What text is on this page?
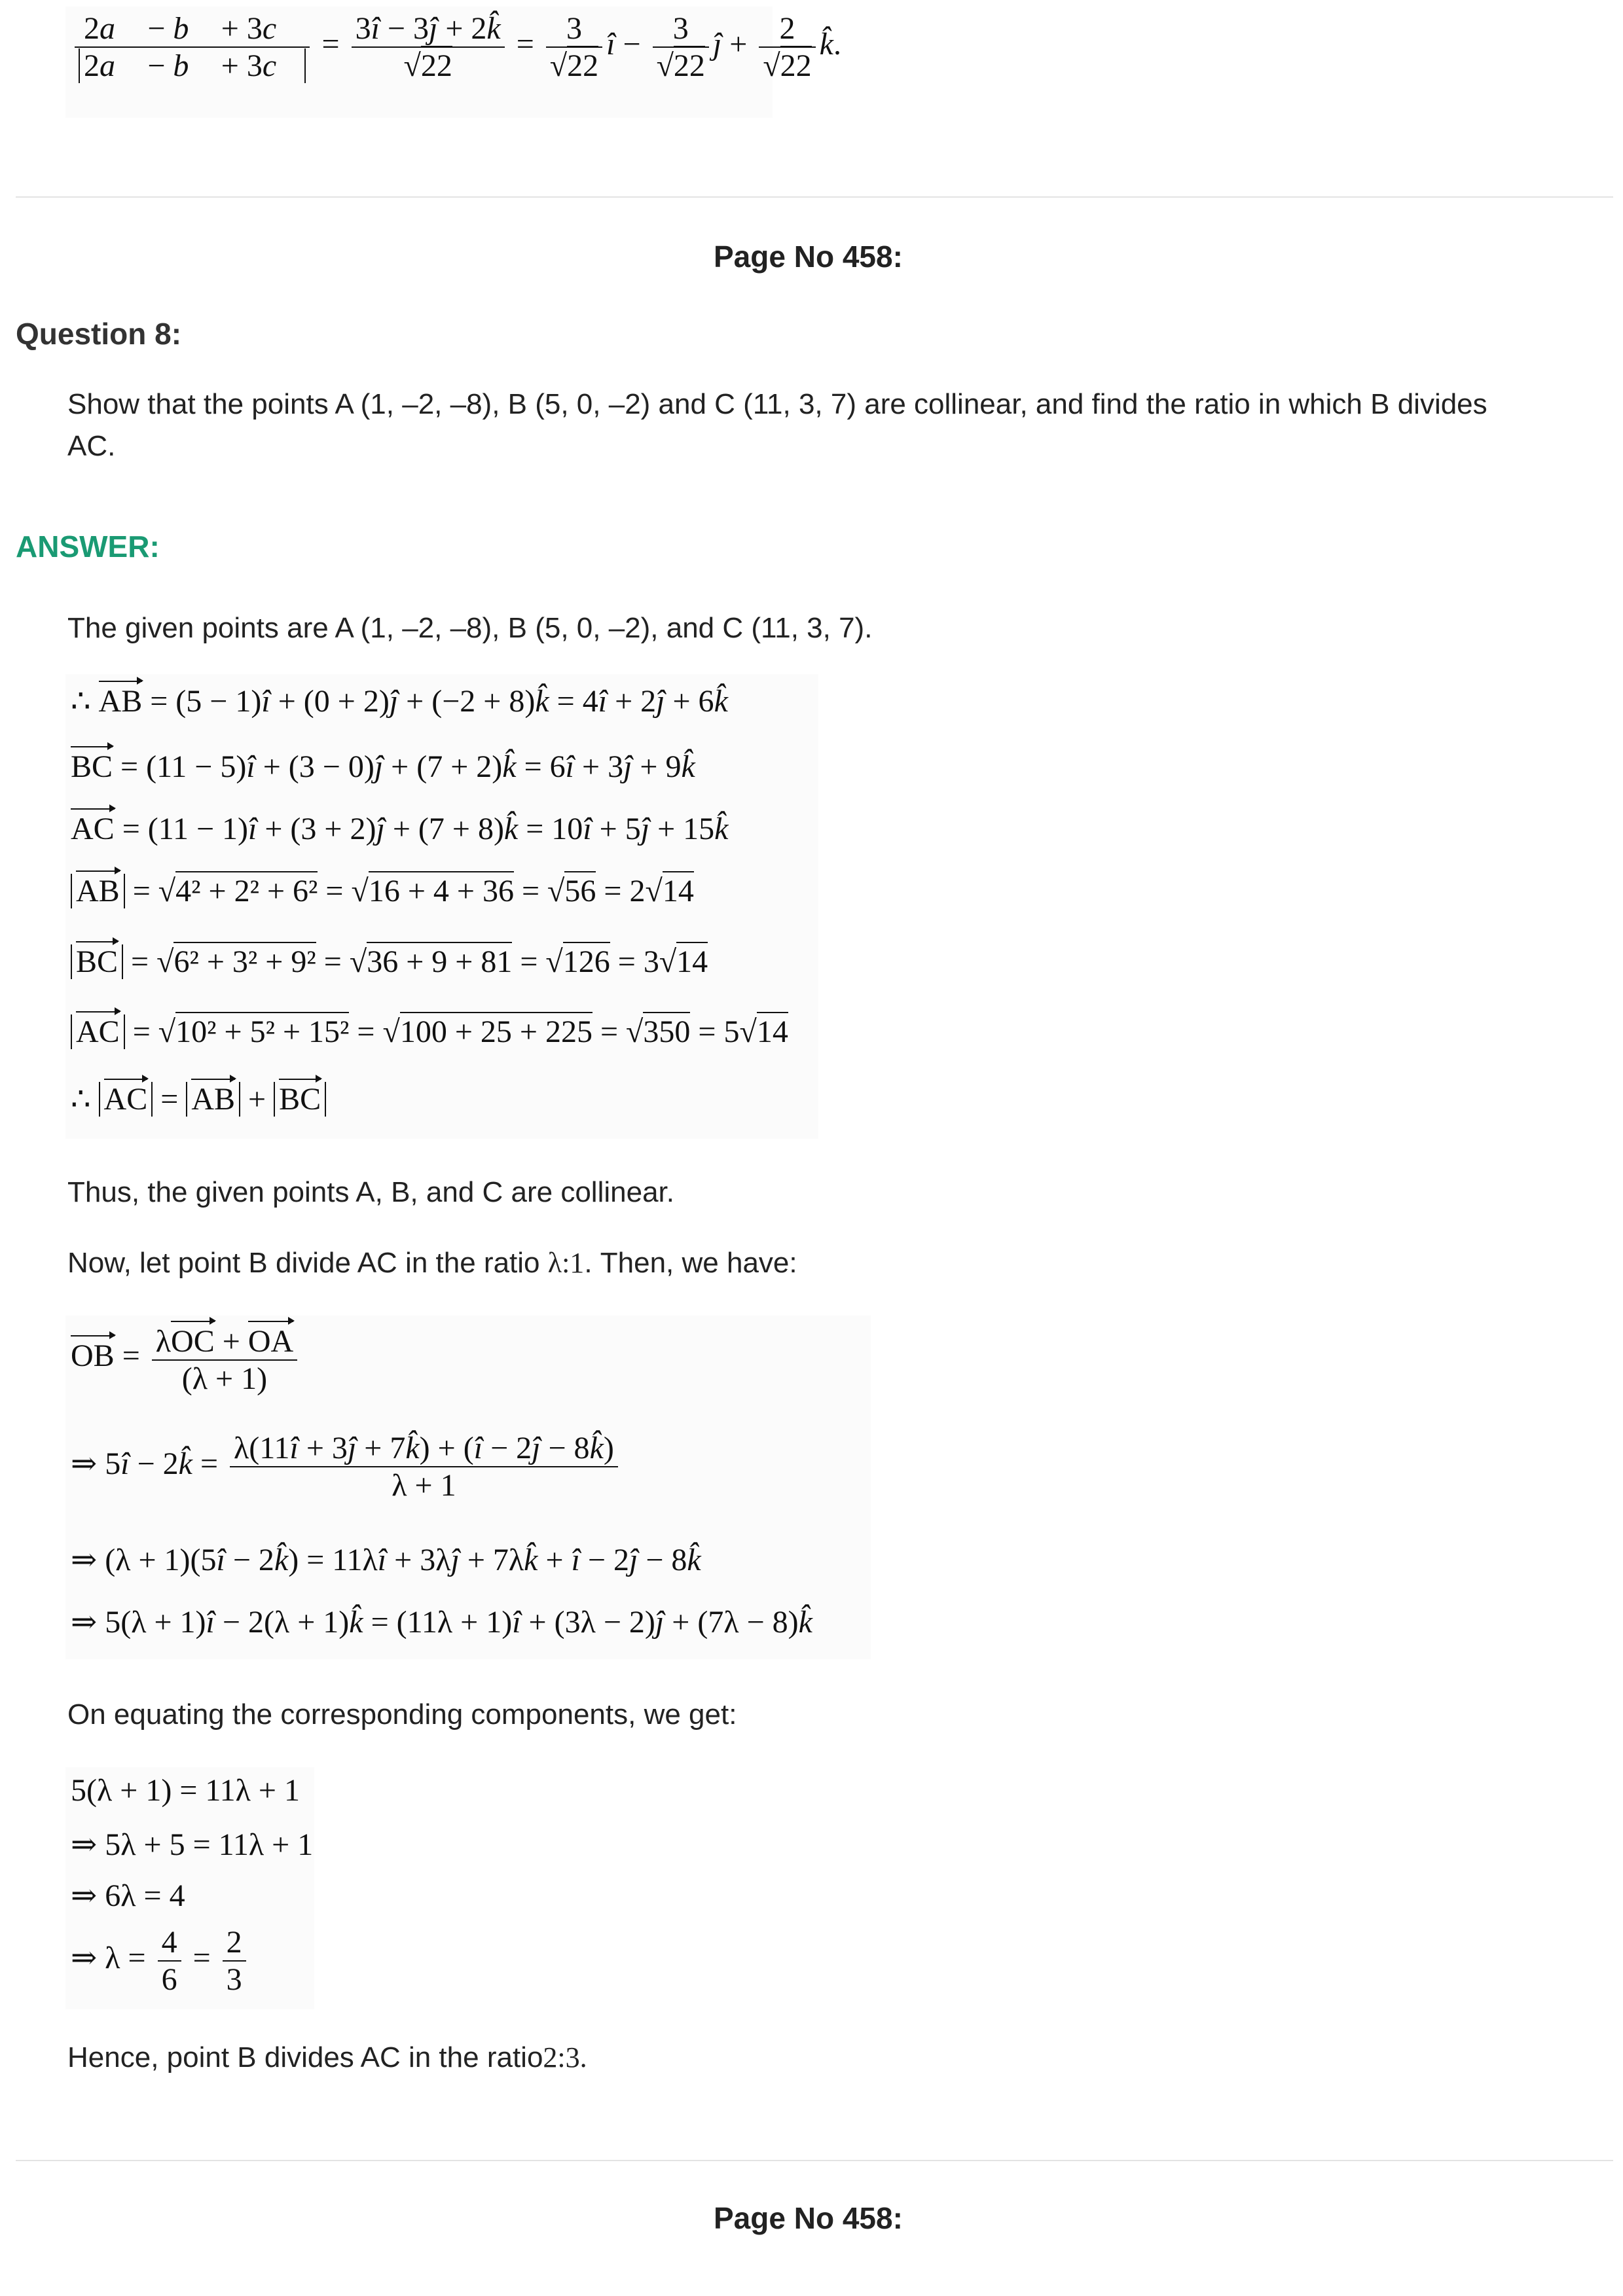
$\frac{2a⃗ - b⃗ + 3c⃗}{2a⃗ - b⃗ + 3c⃗} = \frac{3î - 3ĵ + 2k̂}{√22} = \frac{3}{√22}$ î − $\frac{3}{√22}$ ĵ + $\frac{2}{√22}$ k̂.
Page No 458:
Question 8:
Show that the points A (1, –2, –8), B (5, 0, –2) and C (11, 3, 7) are collinear, and find the ratio in which B divides
AC.
ANSWER:
The given points are A (1, –2, –8), B (5, 0, –2), and C (11, 3, 7).
∴ AB = (5 − 1)î + (0 + 2)ĵ + (−2 + 8)k̂ = 4î + 2ĵ + 6k̂
BC = (11 − 5)î + (3 − 0)ĵ + (7 + 2)k̂ = 6î + 3ĵ + 9k̂
AC = (11 − 1)î + (3 + 2)ĵ + (7 + 8)k̂ = 10î + 5ĵ + 15k̂
AB = √4² + 2² + 6² = √16 + 4 + 36 = √56 = 2√14
BC = √6² + 3² + 9² = √36 + 9 + 81 = √126 = 3√14
AC = √10² + 5² + 15² = √100 + 25 + 225 = √350 = 5√14
∴ AC = AB + BC
Thus, the given points A, B, and C are collinear.
Now, let point B divide AC in the ratio λ:1. Then, we have:
OB = $\frac{\text{λOC + OA}}{(\lambda + 1)}$
⇒ 5î − 2k̂ = $\frac{\lambda(11î + 3ĵ + 7k̂) + (î - 2ĵ - 8k̂)}{\lambda + 1}$
⇒ (λ + 1)(5î − 2k̂) = 11λî + 3λĵ + 7λk̂ + î − 2ĵ − 8k̂
⇒ 5(λ + 1)î − 2(λ + 1)k̂ = (11λ + 1)î + (3λ − 2)ĵ + (7λ − 8)k̂
On equating the corresponding components, we get:
5(λ + 1) = 11λ + 1
⇒ 5λ + 5 = 11λ + 1
⇒ 6λ = 4
⇒ $\lambda = \frac{4}{6} = \frac{2}{3}$
Hence, point B divides AC in the ratio2:3.
Page No 458:
